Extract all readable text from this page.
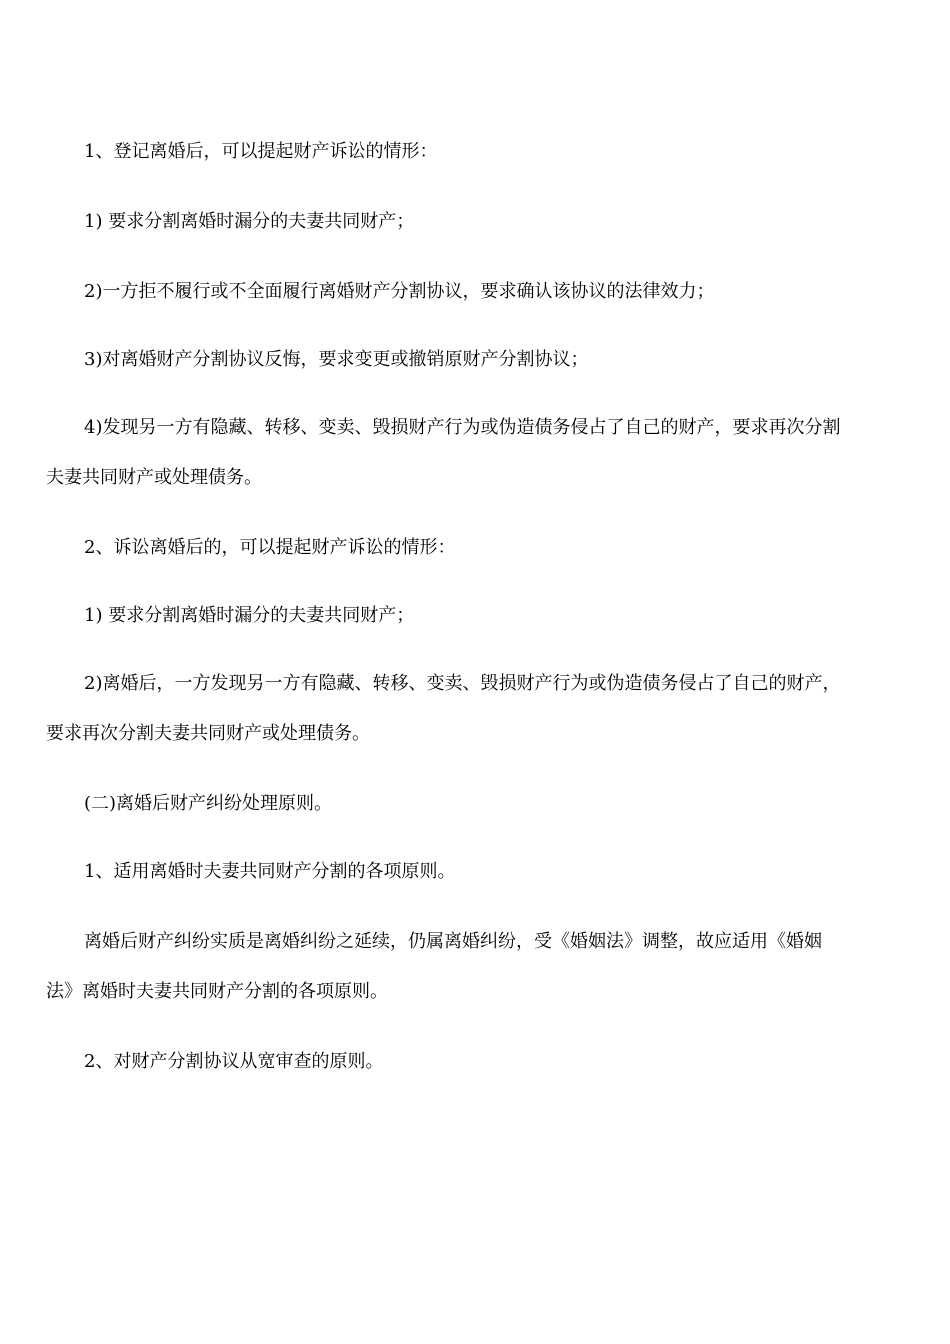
1、登记离婚后，可以提起财产诉讼的情形：
1) 要求分割离婚时漏分的夫妻共同财产；
2)一方拒不履行或不全面履行离婚财产分割协议，要求确认该协议的法律效力；
3)对离婚财产分割协议反悔，要求变更或撤销原财产分割协议；
4)发现另一方有隐藏、转移、变卖、毁损财产行为或伪造债务侵占了自己的财产，要求再次分割
夫妻共同财产或处理债务。
2、诉讼离婚后的，可以提起财产诉讼的情形：
1) 要求分割离婚时漏分的夫妻共同财产；
2)离婚后，一方发现另一方有隐藏、转移、变卖、毁损财产行为或伪造债务侵占了自己的财产，
要求再次分割夫妻共同财产或处理债务。
(二)离婚后财产纠纷处理原则。
1、适用离婚时夫妻共同财产分割的各项原则。
离婚后财产纠纷实质是离婚纠纷之延续，仍属离婚纠纷，受《婚姻法》调整，故应适用《婚姻
法》离婚时夫妻共同财产分割的各项原则。
2、对财产分割协议从宽审查的原则。
